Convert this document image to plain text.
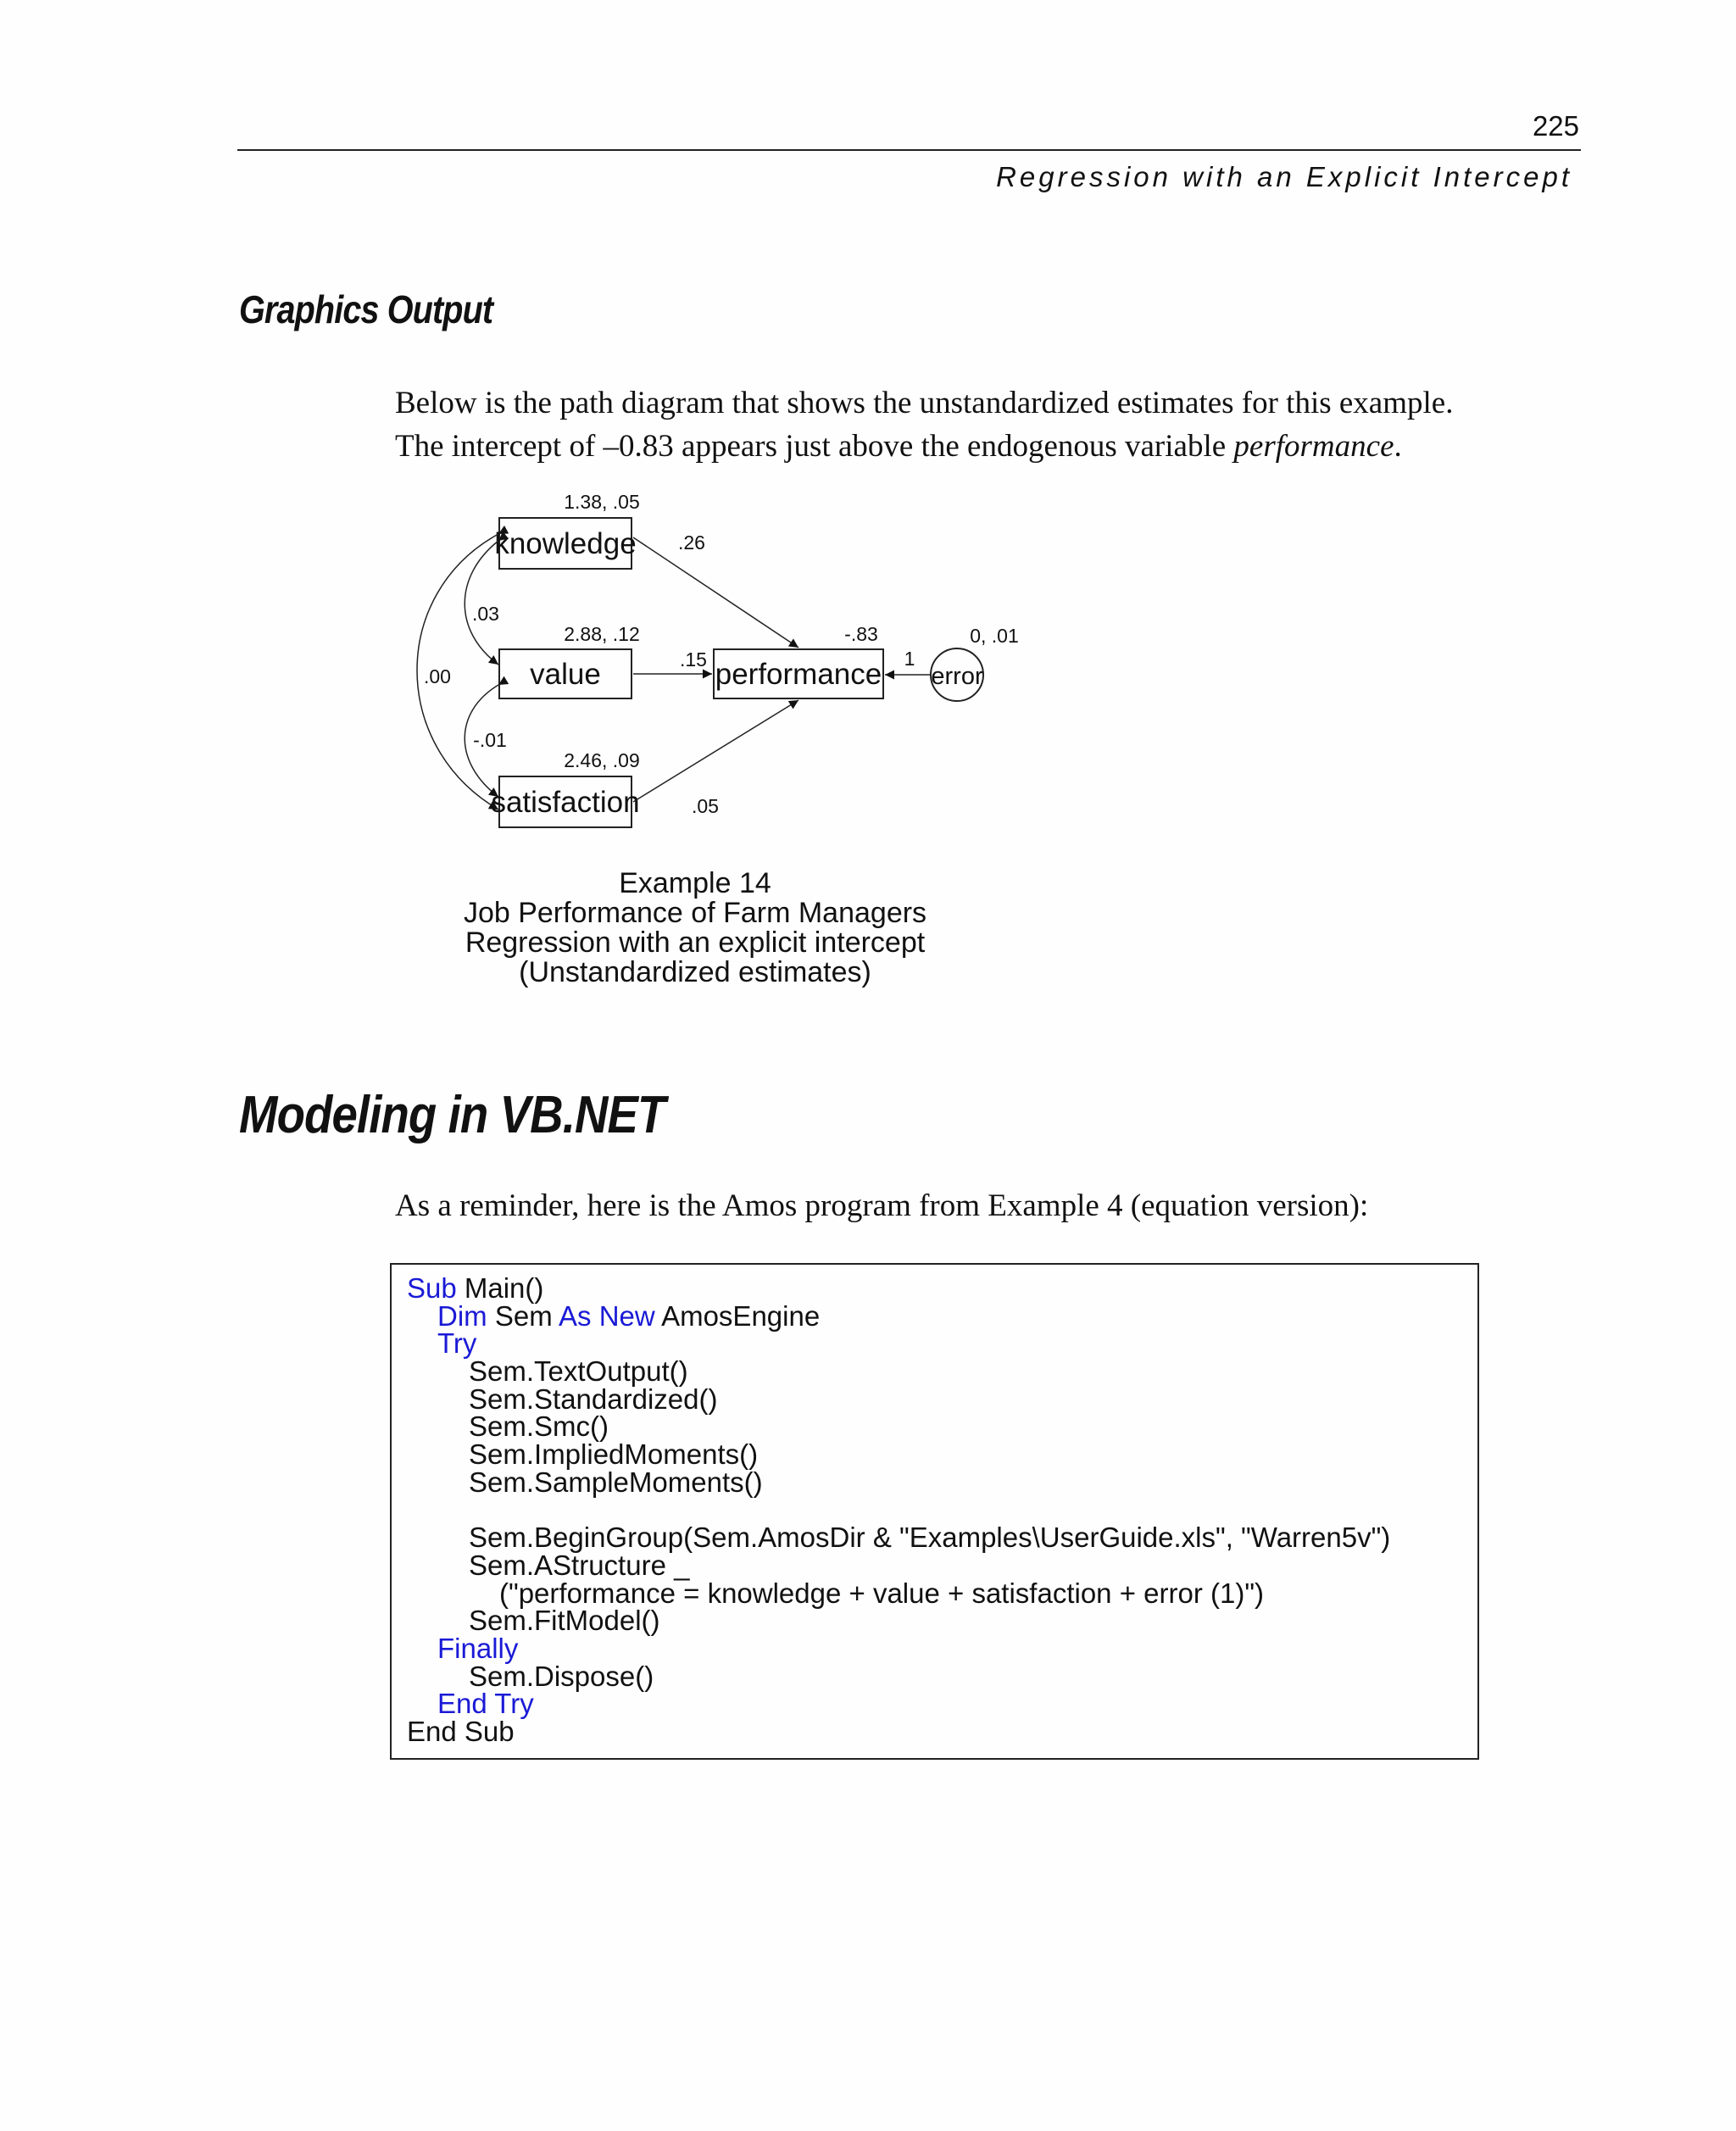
225
Regression with an Explicit Intercept
Graphics Output
Below is the path diagram that shows the unstandardized estimates for this example.
The intercept of –0.83 appears just above the endogenous variable performance.
knowledge
value
satisfaction
performance error
1.38, .05
2.88, .12
2.46, .09
.26
.15
.05
-.83
1
0, .01
.03
-.01
.00
Example 14
Job Performance of Farm Managers
Regression with an explicit intercept
(Unstandardized estimates)
Modeling in VB.NET
As a reminder, here is the Amos program from Example 4 (equation version):
Sub Main()
Dim Sem As New AmosEngine
Try
Sem.TextOutput()
Sem.Standardized()
Sem.Smc()
Sem.ImpliedMoments()
Sem.SampleMoments()
Sem.BeginGroup(Sem.AmosDir & "Examples\UserGuide.xls", "Warren5v")
Sem.AStructure _
("performance = knowledge + value + satisfaction + error (1)")
Sem.FitModel()
Finally
Sem.Dispose()
End Try
End Sub
